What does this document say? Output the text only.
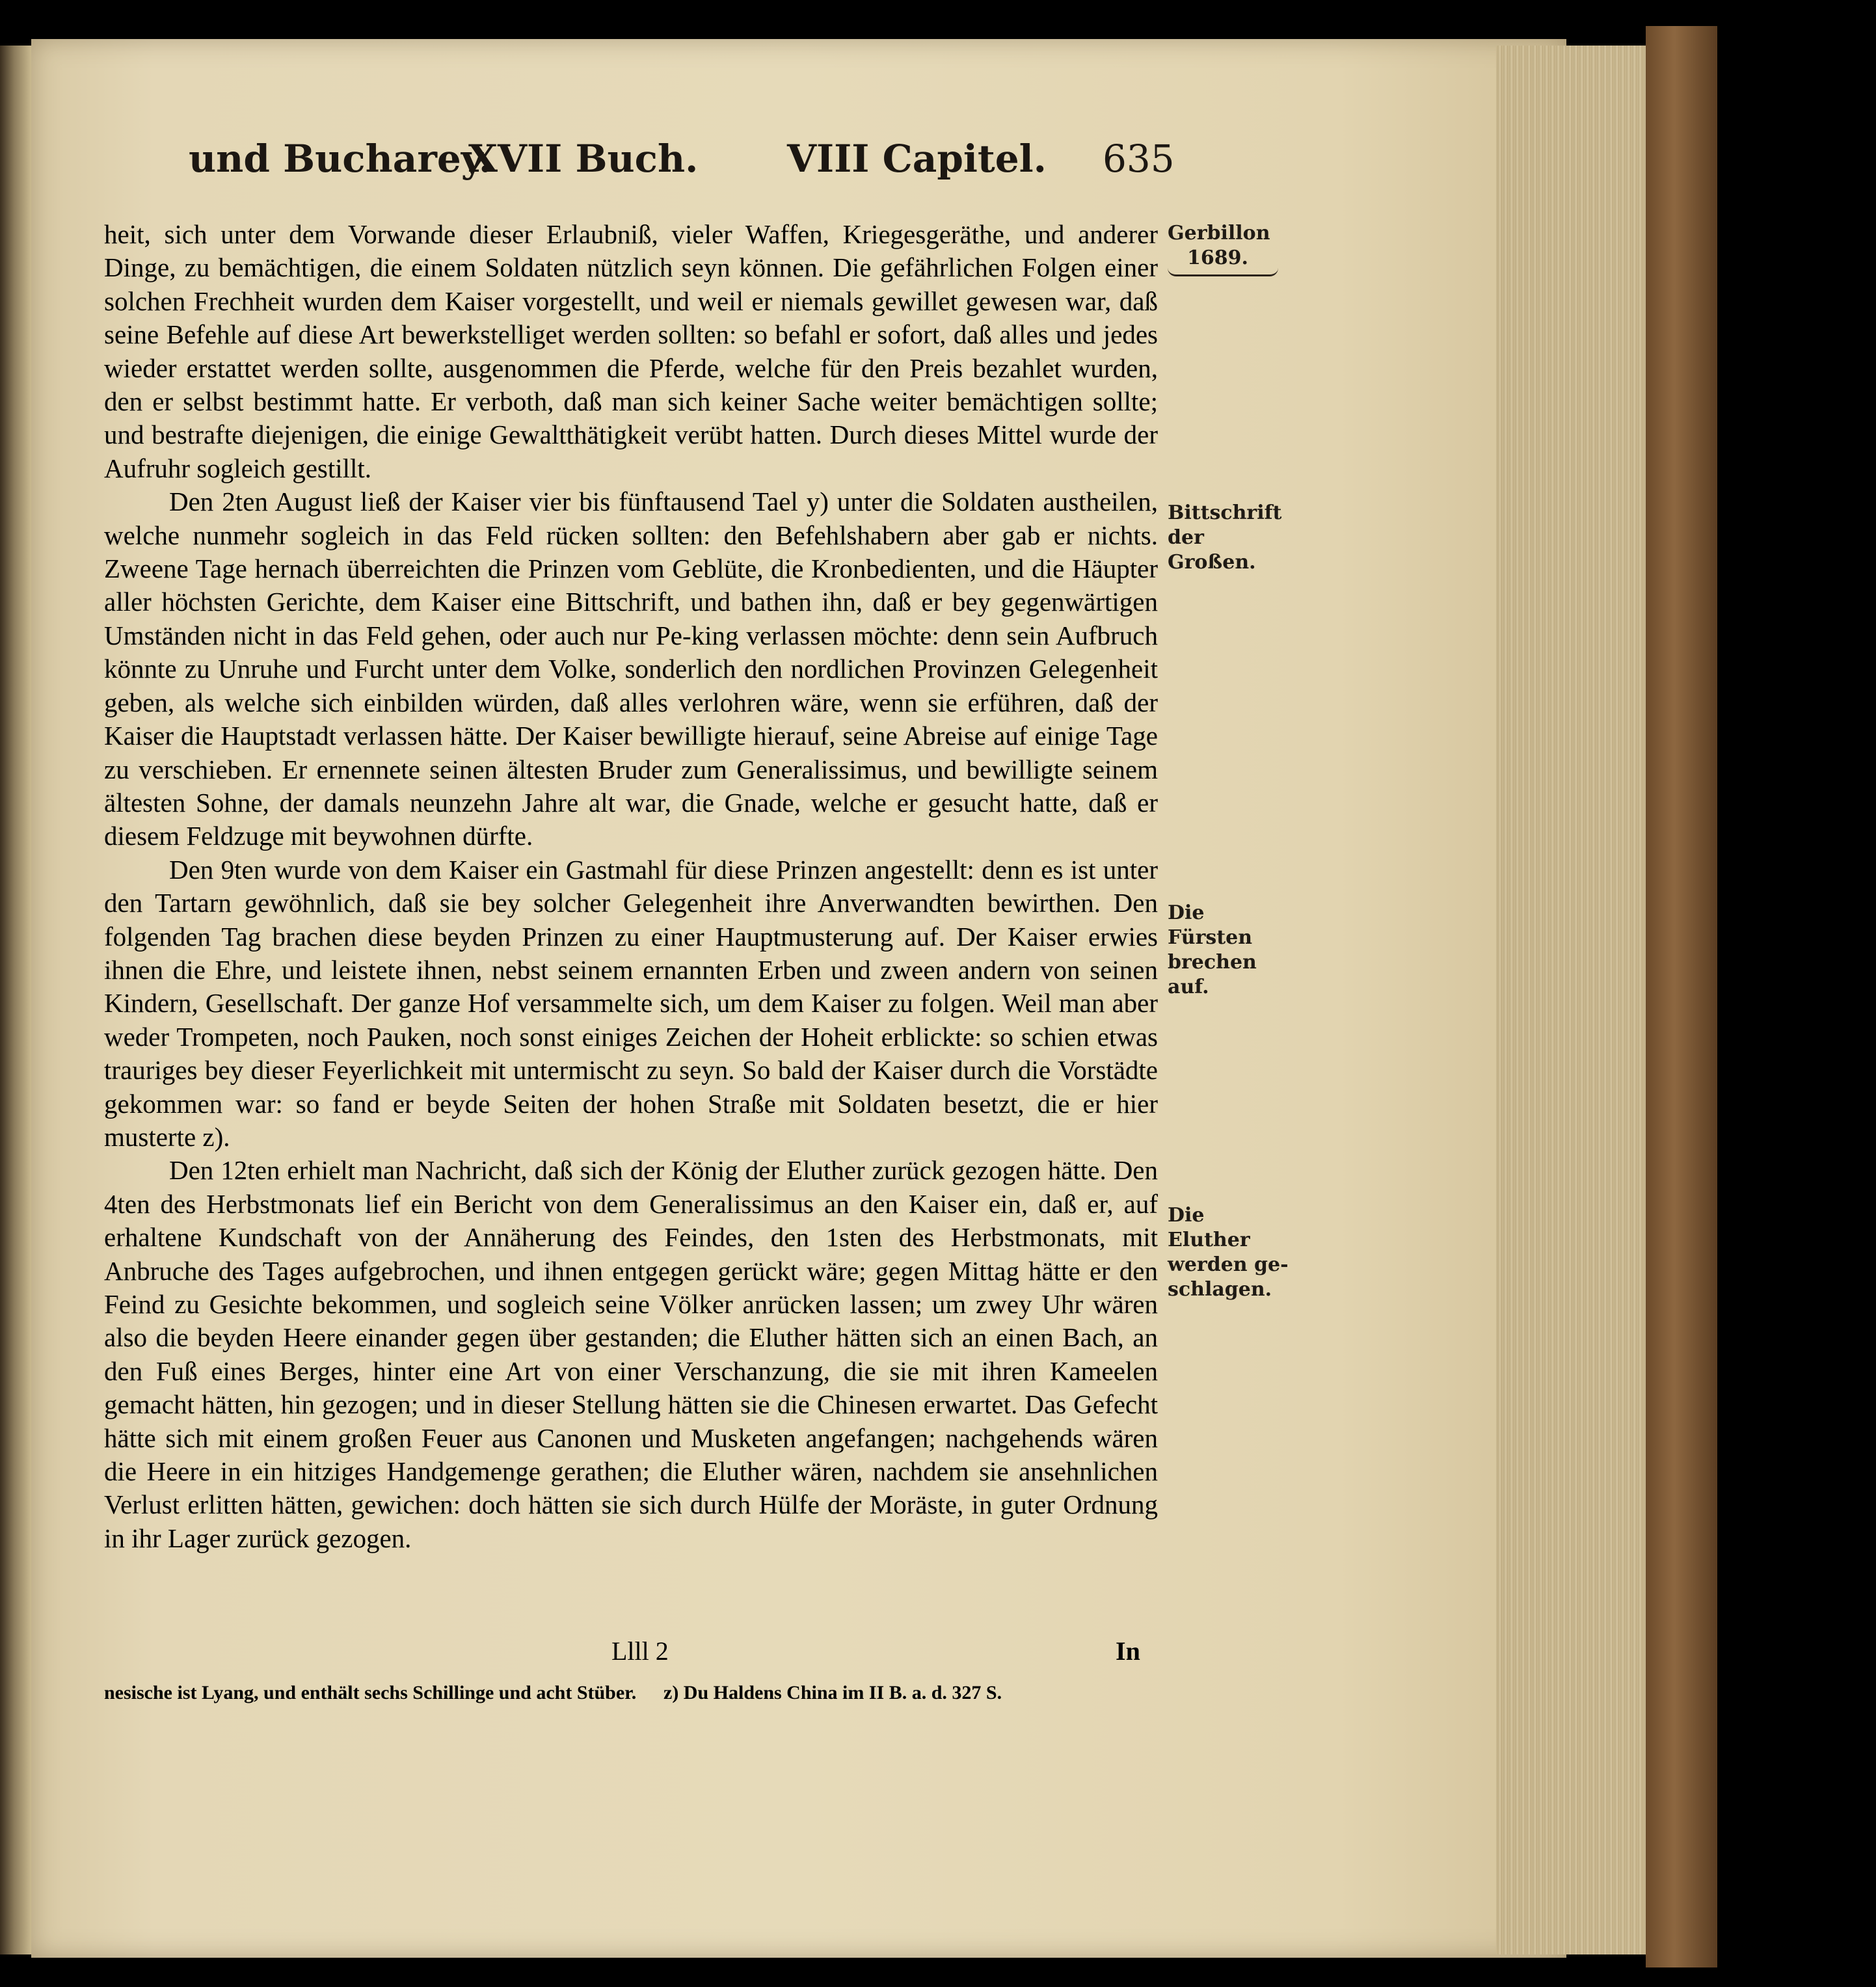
und Bucharey.
XVII Buch. VIII Capitel. 635

heit, sich unter dem Vorwande dieser Erlaubniß, vieler Waffen, Kriegesgeräthe, und anderer Dinge, zu bemächtigen, die einem Soldaten nützlich seyn können. Die gefährlichen Folgen einer solchen Frechheit wurden dem Kaiser vorgestellt, und weil er niemals gewillet gewesen war, daß seine Befehle auf diese Art bewerkstelliget werden sollten: so befahl er sofort, daß alles und jedes wieder erstattet werden sollte, ausgenommen die Pferde, welche für den Preis bezahlet wurden, den er selbst bestimmt hatte. Er verboth, daß man sich keiner Sache weiter bemächtigen sollte; und bestrafte diejenigen, die einige Gewaltthätigkeit verübt hatten. Durch dieses Mittel wurde der Aufruhr sogleich gestillt.

Den 2ten August ließ der Kaiser vier bis fünftausend Tael y) unter die Soldaten austheilen, welche nunmehr sogleich in das Feld rücken sollten: den Befehlshabern aber gab er nichts. Zweene Tage hernach überreichten die Prinzen vom Geblüte, die Kronbedienten, und die Häupter aller höchsten Gerichte, dem Kaiser eine Bittschrift, und bathen ihn, daß er bey gegenwärtigen Umständen nicht in das Feld gehen, oder auch nur Pe-king verlassen möchte: denn sein Aufbruch könnte zu Unruhe und Furcht unter dem Volke, sonderlich den nordlichen Provinzen Gelegenheit geben, als welche sich einbilden würden, daß alles verlohren wäre, wenn sie erführen, daß der Kaiser die Hauptstadt verlassen hätte. Der Kaiser bewilligte hierauf, seine Abreise auf einige Tage zu verschieben. Er ernennete seinen ältesten Bruder zum Generalissimus, und bewilligte seinem ältesten Sohne, der damals neunzehn Jahre alt war, die Gnade, welche er gesucht hatte, daß er diesem Feldzuge mit beywohnen dürfte.

Den 9ten wurde von dem Kaiser ein Gastmahl für diese Prinzen angestellt: denn es ist unter den Tartarn gewöhnlich, daß sie bey solcher Gelegenheit ihre Anverwandten bewirthen. Den folgenden Tag brachen diese beyden Prinzen zu einer Hauptmusterung auf. Der Kaiser erwies ihnen die Ehre, und leistete ihnen, nebst seinem ernannten Erben und zween andern von seinen Kindern, Gesellschaft. Der ganze Hof versammelte sich, um dem Kaiser zu folgen. Weil man aber weder Trompeten, noch Pauken, noch sonst einiges Zeichen der Hoheit erblickte: so schien etwas trauriges bey dieser Feyerlichkeit mit untermischt zu seyn. So bald der Kaiser durch die Vorstädte gekommen war: so fand er beyde Seiten der hohen Straße mit Soldaten besetzt, die er hier musterte z).

Den 12ten erhielt man Nachricht, daß sich der König der Eluther zurück gezogen hätte. Den 4ten des Herbstmonats lief ein Bericht von dem Generalissimus an den Kaiser ein, daß er, auf erhaltene Kundschaft von der Annäherung des Feindes, den 1sten des Herbstmonats, mit Anbruche des Tages aufgebrochen, und ihnen entgegen gerückt wäre; gegen Mittag hätte er den Feind zu Gesichte bekommen, und sogleich seine Völker anrücken lassen; um zwey Uhr wären also die beyden Heere einander gegen über gestanden; die Eluther hätten sich an einen Bach, an den Fuß eines Berges, hinter eine Art von einer Verschanzung, die sie mit ihren Kameelen gemacht hätten, hin gezogen; und in dieser Stellung hätten sie die Chinesen erwartet. Das Gefecht hätte sich mit einem großen Feuer aus Canonen und Musketen angefangen; nachgehends wären die Heere in ein hitziges Handgemenge gerathen; die Eluther wären, nachdem sie ansehnlichen Verlust erlitten hätten, gewichen: doch hätten sie sich durch Hülfe der Moräste, in guter Ordnung in ihr Lager zurück gezogen.

Gerbillon
1689.
Bittschrift
der Großen.
Die Fürsten
brechen auf.
Die Eluther
werden ge-
schlagen.
Llll 2	In
nesische ist Lyang, und enthält sechs Schillinge und acht Stüber. z) Du Haldens China im II B. a. d. 327 S.
